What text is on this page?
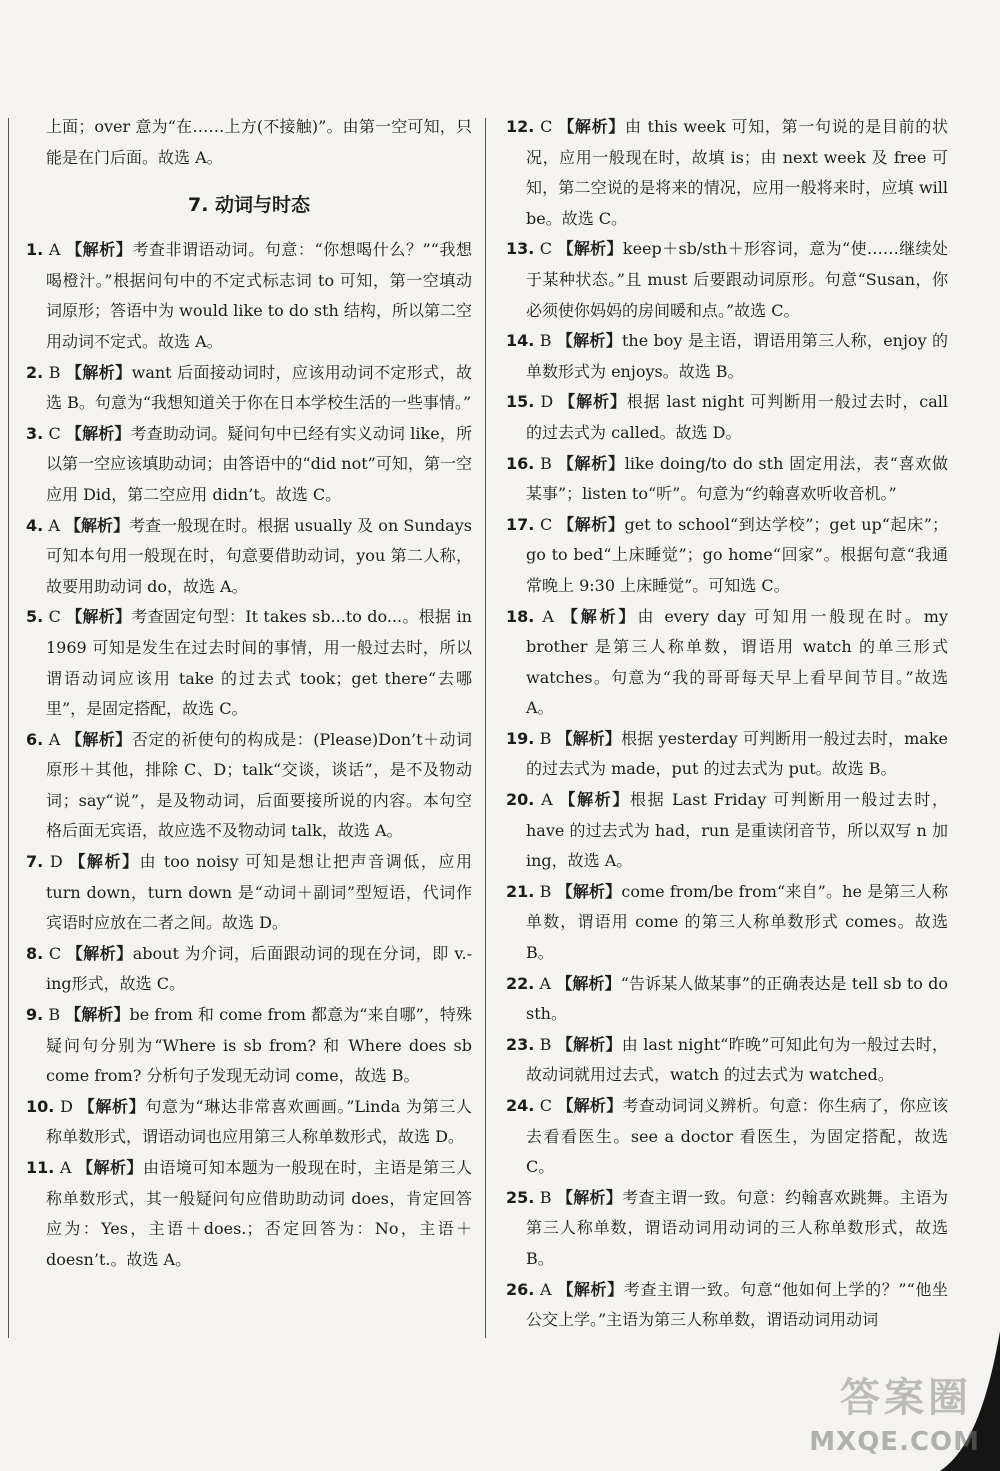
上面；over 意为“在……上方(不接触)”。由第一空可知，只能是在门后面。故选 A。
7. 动词与时态
1. A 【解析】考查非谓语动词。句意：“你想喝什么？”“我想喝橙汁。”根据问句中的不定式标志词 to 可知，第一空填动词原形；答语中为 would like to do sth 结构，所以第二空用动词不定式。故选 A。
2. B 【解析】want 后面接动词时，应该用动词不定形式，故选 B。句意为“我想知道关于你在日本学校生活的一些事情。”
3. C 【解析】考查助动词。疑问句中已经有实义动词 like，所以第一空应该填助动词；由答语中的“did not”可知，第一空应用 Did，第二空应用 didn’t。故选 C。
4. A 【解析】考查一般现在时。根据 usually 及 on Sundays 可知本句用一般现在时，句意要借助动词，you 第二人称，故要用助动词 do，故选 A。
5. C 【解析】考查固定句型：It takes sb...to do...。根据 in 1969 可知是发生在过去时间的事情，用一般过去时，所以谓语动词应该用 take 的过去式 took；get there“去哪里”，是固定搭配，故选 C。
6. A 【解析】否定的祈使句的构成是：(Please)Don’t＋动词原形＋其他，排除 C、D；talk“交谈，谈话”，是不及物动词；say“说”，是及物动词，后面要接所说的内容。本句空格后面无宾语，故应选不及物动词 talk，故选 A。
7. D 【解析】由 too noisy 可知是想让把声音调低，应用 turn down，turn down 是“动词＋副词”型短语，代词作宾语时应放在二者之间。故选 D。
8. C 【解析】about 为介词，后面跟动词的现在分词，即 v.-ing形式，故选 C。
9. B 【解析】be from 和 come from 都意为“来自哪”，特殊疑问句分别为“Where is sb from? 和 Where does sb come from? 分析句子发现无动词 come，故选 B。
10. D 【解析】句意为“琳达非常喜欢画画。”Linda 为第三人称单数形式，谓语动词也应用第三人称单数形式，故选 D。
11. A 【解析】由语境可知本题为一般现在时，主语是第三人称单数形式，其一般疑问句应借助助动词 does，肯定回答应为：Yes，主语＋does.；否定回答为：No，主语＋doesn’t.。故选 A。
12. C 【解析】由 this week 可知，第一句说的是目前的状况，应用一般现在时，故填 is；由 next week 及 free 可知，第二空说的是将来的情况，应用一般将来时，应填 will be。故选 C。
13. C 【解析】keep＋sb/sth＋形容词，意为“使……继续处于某种状态。”且 must 后要跟动词原形。句意“Susan，你必须使你妈妈的房间暖和点。”故选 C。
14. B 【解析】the boy 是主语，谓语用第三人称，enjoy 的单数形式为 enjoys。故选 B。
15. D 【解析】根据 last night 可判断用一般过去时，call 的过去式为 called。故选 D。
16. B 【解析】like doing/to do sth 固定用法，表“喜欢做某事”；listen to“听”。句意为“约翰喜欢听收音机。”
17. C 【解析】get to school“到达学校”；get up“起床”；go to bed“上床睡觉”；go home“回家”。根据句意“我通常晚上 9:30 上床睡觉”。可知选 C。
18. A 【解析】由 every day 可知用一般现在时。my brother 是第三人称单数，谓语用 watch 的单三形式 watches。句意为“我的哥哥每天早上看早间节目。”故选 A。
19. B 【解析】根据 yesterday 可判断用一般过去时，make 的过去式为 made，put 的过去式为 put。故选 B。
20. A 【解析】根据 Last Friday 可判断用一般过去时，have 的过去式为 had，run 是重读闭音节，所以双写 n 加 ing，故选 A。
21. B 【解析】come from/be from“来自”。he 是第三人称单数，谓语用 come 的第三人称单数形式 comes。故选 B。
22. A 【解析】“告诉某人做某事”的正确表达是 tell sb to do sth。
23. B 【解析】由 last night“昨晚”可知此句为一般过去时，故动词就用过去式，watch 的过去式为 watched。
24. C 【解析】考查动词词义辨析。句意：你生病了，你应该去看看医生。see a doctor 看医生，为固定搭配，故选 C。
25. B 【解析】考查主谓一致。句意：约翰喜欢跳舞。主语为第三人称单数，谓语动词用动词的三人称单数形式，故选 B。
26. A 【解析】考查主谓一致。句意“他如何上学的？”“他坐公交上学。”主语为第三人称单数，谓语动词用动词
答案圈
MXQE.COM
